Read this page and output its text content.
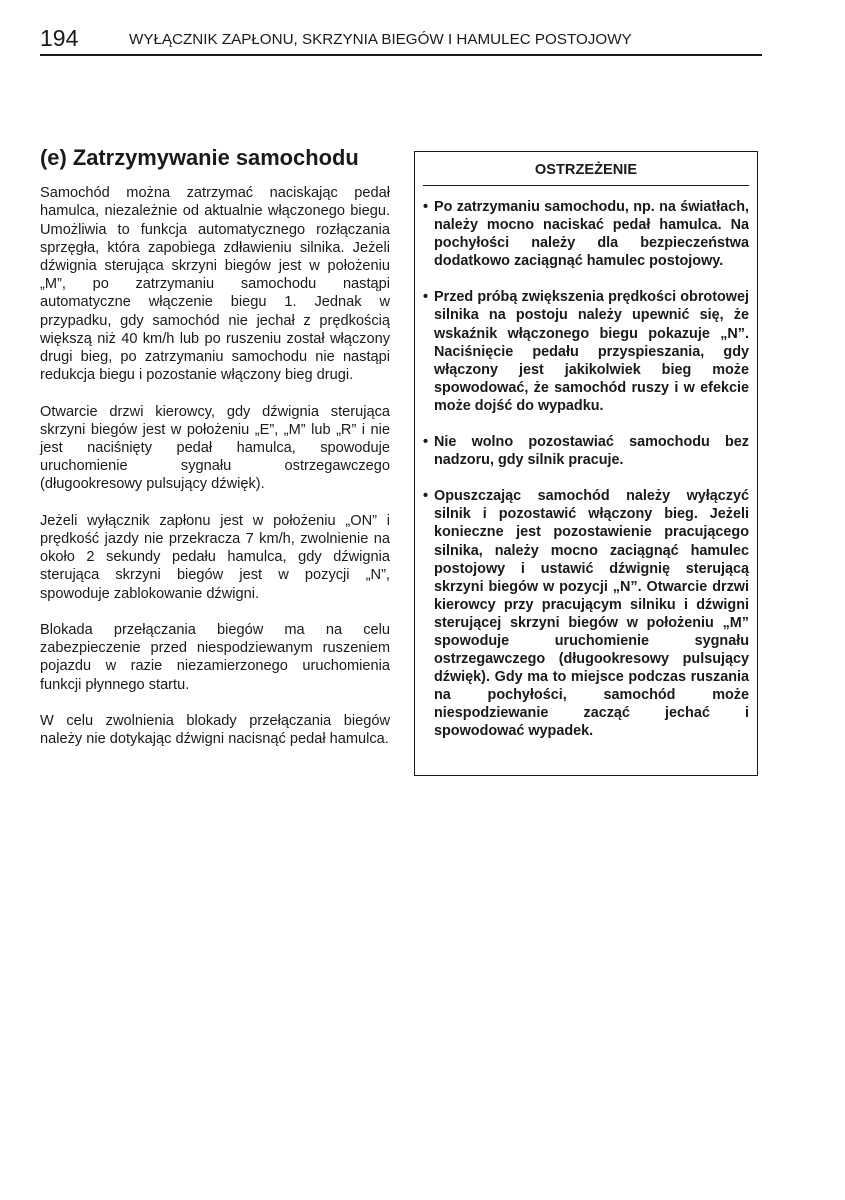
194	WYŁĄCZNIK ZAPŁONU, SKRZYNIA BIEGÓW I HAMULEC POSTOJOWY
(e) Zatrzymywanie samochodu

Samochód można zatrzymać naciskając pedał hamulca, niezależnie od aktualnie włączonego biegu. Umożliwia to funkcja automatycznego rozłączania sprzęgła, która zapobiega zdławieniu silnika. Jeżeli dźwignia sterująca skrzyni biegów jest w położeniu „M”, po zatrzymaniu samochodu nastąpi automatyczne włączenie biegu 1. Jednak w przypadku, gdy samochód nie jechał z prędkością większą niż 40 km/h lub po ruszeniu został włączony drugi bieg, po zatrzymaniu samochodu nie nastąpi redukcja biegu i pozostanie włączony bieg drugi.

Otwarcie drzwi kierowcy, gdy dźwignia sterująca skrzyni biegów jest w położeniu „E”, „M” lub „R” i nie jest naciśnięty pedał hamulca, spowoduje uruchomienie sygnału ostrzegawczego (długookresowy pulsujący dźwięk).

Jeżeli wyłącznik zapłonu jest w położeniu „ON” i prędkość jazdy nie przekracza 7 km/h, zwolnienie na około 2 sekundy pedału hamulca, gdy dźwignia sterująca skrzyni biegów jest w pozycji „N”, spowoduje zablokowanie dźwigni.

Blokada przełączania biegów ma na celu zabezpieczenie przed niespodziewanym ruszeniem pojazdu w razie niezamierzonego uruchomienia funkcji płynnego startu.

W celu zwolnienia blokady przełączania biegów należy nie dotykając dźwigni nacisnąć pedał hamulca.

OSTRZEŻENIE
• Po zatrzymaniu samochodu, np. na światłach, należy mocno naciskać pedał hamulca. Na pochyłości należy dla bezpieczeństwa dodatkowo zaciągnąć hamulec postojowy.
• Przed próbą zwiększenia prędkości obrotowej silnika na postoju należy upewnić się, że wskaźnik włączonego biegu pokazuje „N”. Naciśnięcie pedału przyspieszania, gdy włączony jest jakikolwiek bieg może spowodować, że samochód ruszy i w efekcie może dojść do wypadku.
• Nie wolno pozostawiać samochodu bez nadzoru, gdy silnik pracuje.
• Opuszczając samochód należy wyłączyć silnik i pozostawić włączony bieg. Jeżeli konieczne jest pozostawienie pracującego silnika, należy mocno zaciągnąć hamulec postojowy i ustawić dźwignię sterującą skrzyni biegów w pozycji „N”. Otwarcie drzwi kierowcy przy pracującym silniku i dźwigni sterującej skrzyni biegów w położeniu „M” spowoduje uruchomienie sygnału ostrzegawczego (długookresowy pulsujący dźwięk). Gdy ma to miejsce podczas ruszania na pochyłości, samochód może niespodziewanie zacząć jechać i spowodować wypadek.
